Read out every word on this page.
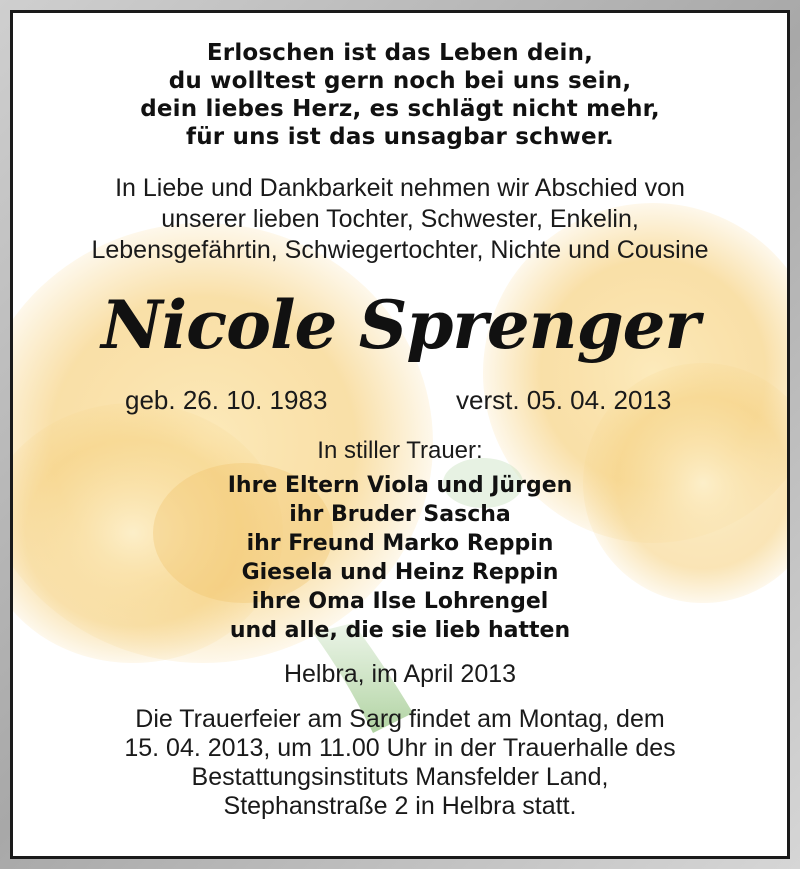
Erloschen ist das Leben dein,
du wolltest gern noch bei uns sein,
dein liebes Herz, es schlägt nicht mehr,
für uns ist das unsagbar schwer.
In Liebe und Dankbarkeit nehmen wir Abschied von
unserer lieben Tochter, Schwester, Enkelin,
Lebensgefährtin, Schwiegertochter, Nichte und Cousine
Nicole Sprenger
geb. 26. 10. 1983	verst. 05. 04. 2013
In stiller Trauer:
Ihre Eltern Viola und Jürgen
ihr Bruder Sascha
ihr Freund Marko Reppin
Giesela und Heinz Reppin
ihre Oma Ilse Lohrengel
und alle, die sie lieb hatten
Helbra, im April 2013
Die Trauerfeier am Sarg findet am Montag, dem
15. 04. 2013, um 11.00 Uhr in der Trauerhalle des
Bestattungsinstituts Mansfelder Land,
Stephanstraße 2 in Helbra statt.
